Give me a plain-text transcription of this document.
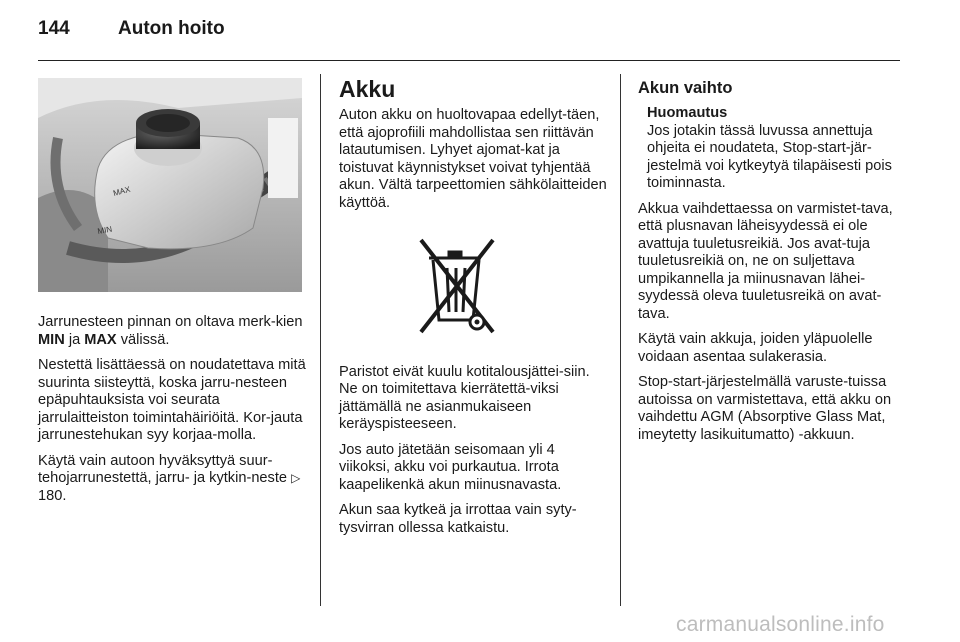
144	Auton hoito
MAX
MIN

Jarrunesteen pinnan on oltava merk-kien MIN ja MAX välissä.

Nestettä lisättäessä on noudatettava mitä suurinta siisteyttä, koska jarru-nesteen epäpuhtauksista voi seurata jarrulaitteiston toimintahäiriöitä. Kor-jauta jarrunestehukan syy korjaa-molla.

Käytä vain autoon hyväksyttyä suur-tehojarrunestettä, jarru- ja kytkin-neste ▷ 180.

Akku

Auton akku on huoltovapaa edellyt-täen, että ajoprofiili mahdollistaa sen riittävän latautumisen. Lyhyet ajomat-kat ja toistuvat käynnistykset voivat tyhjentää akun. Vältä tarpeettomien sähkölaitteiden käyttöä.

Paristot eivät kuulu kotitalousjättei-siin. Ne on toimitettava kierrätettä-viksi jättämällä ne asianmukaiseen keräyspisteeseen.

Jos auto jätetään seisomaan yli 4 viikoksi, akku voi purkautua. Irrota kaapelikenkä akun miinusnavasta.

Akun saa kytkeä ja irrottaa vain syty-tysvirran ollessa katkaistu.

Akun vaihto
Huomautus
Jos jotakin tässä luvussa annettuja ohjeita ei noudateta, Stop-start-jär-jestelmä voi kytkeytyä tilapäisesti pois toiminnasta.

Akkua vaihdettaessa on varmistet-tava, että plusnavan läheisyydessä ei ole avattuja tuuletusreikiä. Jos avat-tuja tuuletusreikiä on, ne on suljettava umpikannella ja miinusnavan lähei-syydessä oleva tuuletusreikä on avat-tava.

Käytä vain akkuja, joiden yläpuolelle voidaan asentaa sulakerasia.

Stop-start-järjestelmällä varuste-tuissa autoissa on varmistettava, että akku on vaihdettu AGM (Absorptive Glass Mat, imeytetty lasikuitumatto) -akkuun.

carmanualsonline.info
